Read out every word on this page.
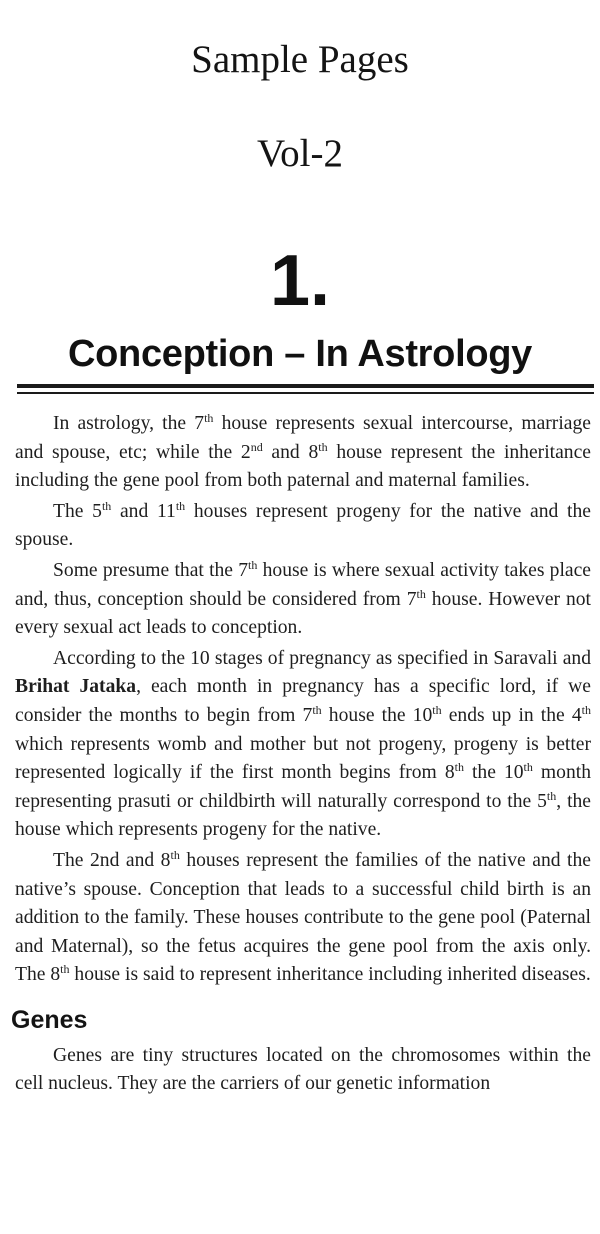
Sample Pages
Vol-2
1.
Conception – In Astrology

In astrology, the 7th house represents sexual intercourse, marriage and spouse, etc; while the 2nd and 8th house represent the inheritance including the gene pool from both paternal and maternal families.

The 5th and 11th houses represent progeny for the native and the spouse.

Some presume that the 7th house is where sexual activity takes place and, thus, conception should be considered from 7th house. However not every sexual act leads to conception.

According to the 10 stages of pregnancy as specified in Saravali and Brihat Jataka, each month in pregnancy has a specific lord, if we consider the months to begin from 7th house the 10th ends up in the 4th which represents womb and mother but not progeny, progeny is better represented logically if the first month begins from 8th the 10th month representing prasuti or childbirth will naturally correspond to the 5th, the house which represents progeny for the native.

The 2nd and 8th houses represent the families of the native and the native’s spouse. Conception that leads to a successful child birth is an addition to the family. These houses contribute to the gene pool (Paternal and Maternal), so the fetus acquires the gene pool from the axis only. The 8th house is said to represent inheritance including inherited diseases.

Genes

Genes are tiny structures located on the chromosomes within the cell nucleus. They are the carriers of our genetic information
